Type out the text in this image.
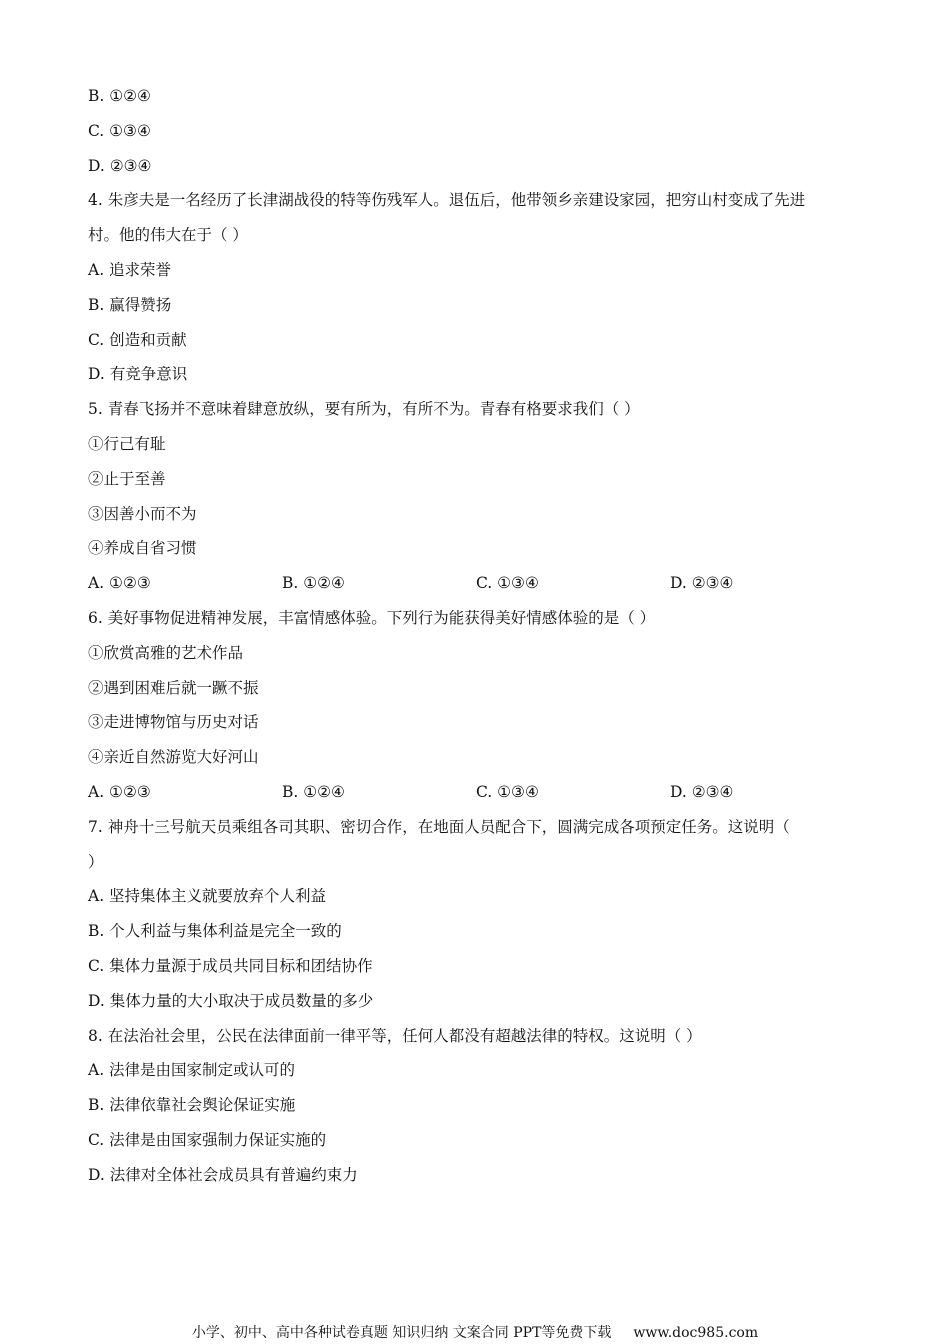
B. ①②④
C. ①③④
D. ②③④
4. 朱彦夫是一名经历了长津湖战役的特等伤残军人。退伍后，他带领乡亲建设家园，把穷山村变成了先进
村。他的伟大在于（ ）
A. 追求荣誉
B. 赢得赞扬
C. 创造和贡献
D. 有竞争意识
5. 青春飞扬并不意味着肆意放纵，要有所为，有所不为。青春有格要求我们（ ）
①行己有耻
②止于至善
③因善小而不为
④养成自省习惯
A. ①②③	B. ①②④	C. ①③④	D. ②③④
6. 美好事物促进精神发展，丰富情感体验。下列行为能获得美好情感体验的是（ ）
①欣赏高雅的艺术作品
②遇到困难后就一蹶不振
③走进博物馆与历史对话
④亲近自然游览大好河山
A. ①②③	B. ①②④	C. ①③④	D. ②③④
7. 神舟十三号航天员乘组各司其职、密切合作，在地面人员配合下，圆满完成各项预定任务。这说明（
）
A. 坚持集体主义就要放弃个人利益
B. 个人利益与集体利益是完全一致的
C. 集体力量源于成员共同目标和团结协作
D. 集体力量的大小取决于成员数量的多少
8. 在法治社会里，公民在法律面前一律平等，任何人都没有超越法律的特权。这说明（ ）
A. 法律是由国家制定或认可的
B. 法律依靠社会舆论保证实施
C. 法律是由国家强制力保证实施的
D. 法律对全体社会成员具有普遍约束力
小学、初中、高中各种试卷真题 知识归纳 文案合同 PPT等免费下载 www.doc985.com
